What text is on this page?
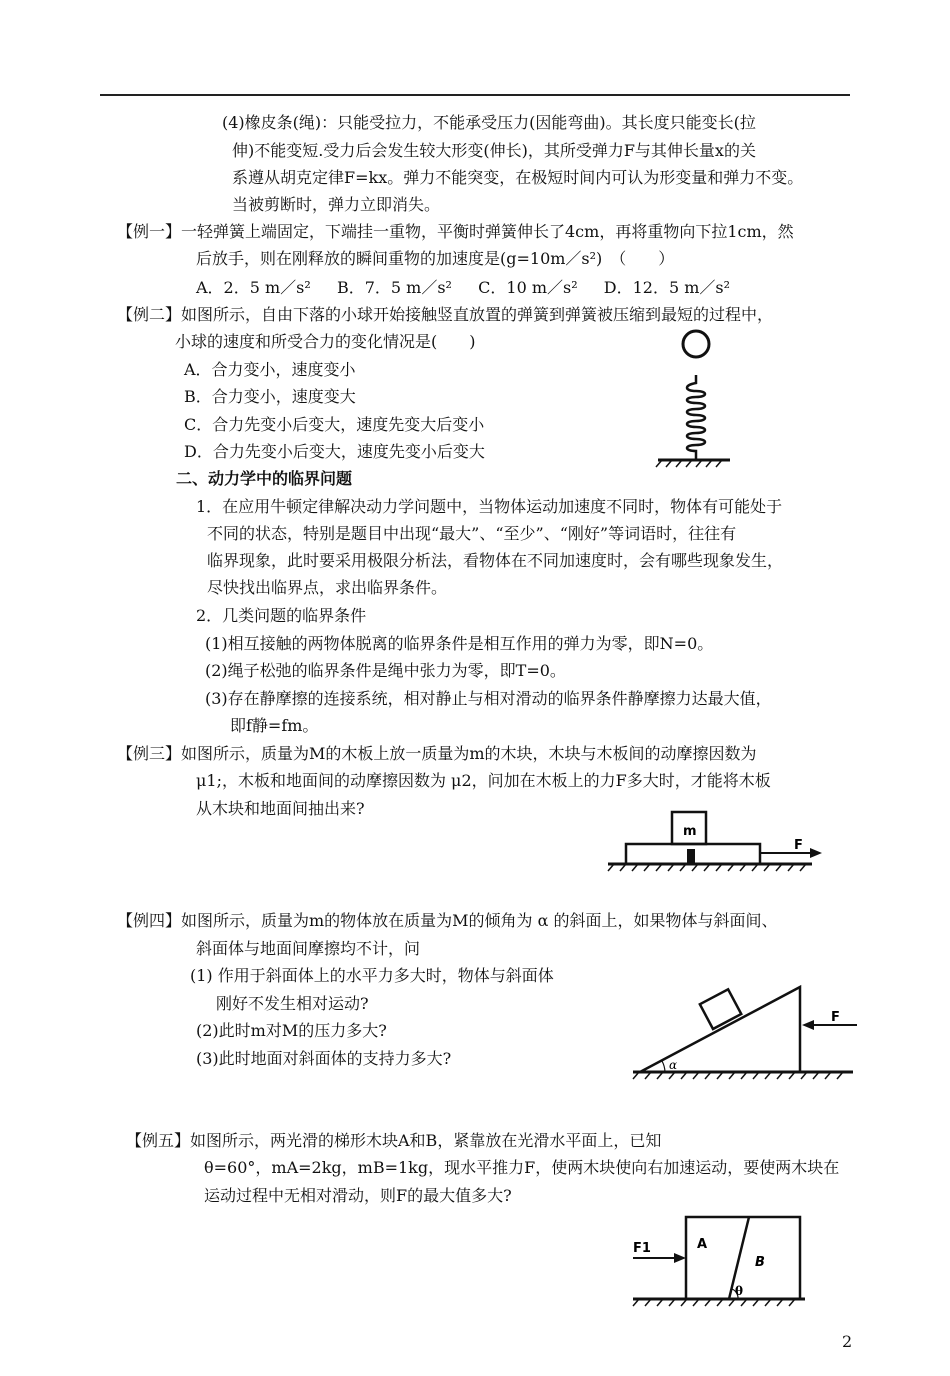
(4)橡皮条(绳)：只能受拉力，不能承受压力(因能弯曲)。其长度只能变长(拉
伸)不能变短.受力后会发生较大形变(伸长)，其所受弹力F与其伸长量x的关
系遵从胡克定律F=kx。弹力不能突变，在极短时间内可认为形变量和弹力不变。
当被剪断时，弹力立即消失。
【例一】一轻弹簧上端固定，下端挂一重物，平衡时弹簧伸长了4cm，再将重物向下拉1cm，然
后放手，则在刚释放的瞬间重物的加速度是(g=10m／s²)　（　　）
A．2．5 m／s²　  B．7．5 m／s²　  C．10 m／s²　  D．12．5 m／s²
【例二】如图所示，自由下落的小球开始接触竖直放置的弹簧到弹簧被压缩到最短的过程中，
小球的速度和所受合力的变化情况是(　　)
A．合力变小，速度变小
B．合力变小，速度变大
C．合力先变小后变大，速度先变大后变小
D．合力先变小后变大，速度先变小后变大
二、动力学中的临界问题
1．在应用牛顿定律解决动力学问题中，当物体运动加速度不同时，物体有可能处于
不同的状态，特别是题目中出现“最大”、“至少”、“刚好”等词语时，往往有
临界现象，此时要采用极限分析法，看物体在不同加速度时，会有哪些现象发生，
尽快找出临界点，求出临界条件。
2．几类问题的临界条件
(1)相互接触的两物体脱离的临界条件是相互作用的弹力为零，即N=0。
(2)绳子松弛的临界条件是绳中张力为零，即T=0。
(3)存在静摩擦的连接系统，相对静止与相对滑动的临界条件静摩擦力达最大值，
即f静=fm。
【例三】如图所示，质量为M的木板上放一质量为m的木块，木块与木板间的动摩擦因数为
μ1;，木板和地面间的动摩擦因数为 μ2，问加在木板上的力F多大时，才能将木板
从木块和地面间抽出来?
m
F
【例四】如图所示，质量为m的物体放在质量为M的倾角为 α 的斜面上，如果物体与斜面间、
斜面体与地面间摩擦均不计，问
(1) 作用于斜面体上的水平力多大时，物体与斜面体
刚好不发生相对运动?
(2)此时m对M的压力多大?
(3)此时地面对斜面体的支持力多大?
F
α
【例五】如图所示，两光滑的梯形木块A和B，紧靠放在光滑水平面上，已知
θ=60°，mA=2kg，mB=1kg，现水平推力F，使两木块使向右加速运动，要使两木块在
运动过程中无相对滑动，则F的最大值多大?
F1	A
B
θ
2
